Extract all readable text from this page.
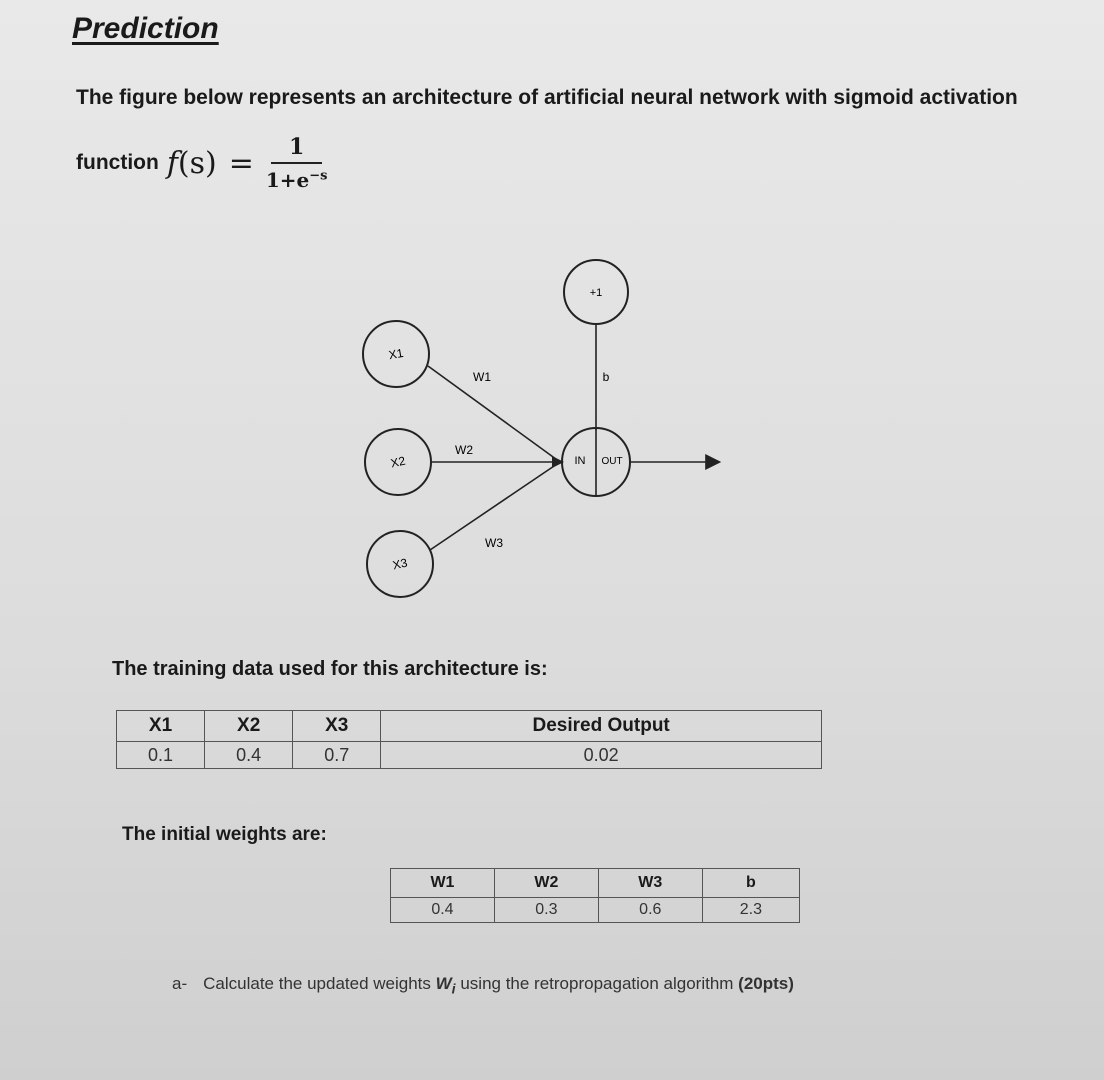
Prediction
The figure below represents an architecture of artificial neural network with sigmoid activation
function $f(s) = \frac{1}{1+e^{-s}}$
X1
X2
X3
+1
IN OUT
W1
W2
W3
b
The training data used for this architecture is:
X1	X2	X3	Desired Output
0.1	0.4	0.7	0.02
The initial weights are:
W1	W2	W3	b
0.4	0.3	0.6	2.3
a- Calculate the updated weights $W_i$ using the retropropagation algorithm (20pts)
